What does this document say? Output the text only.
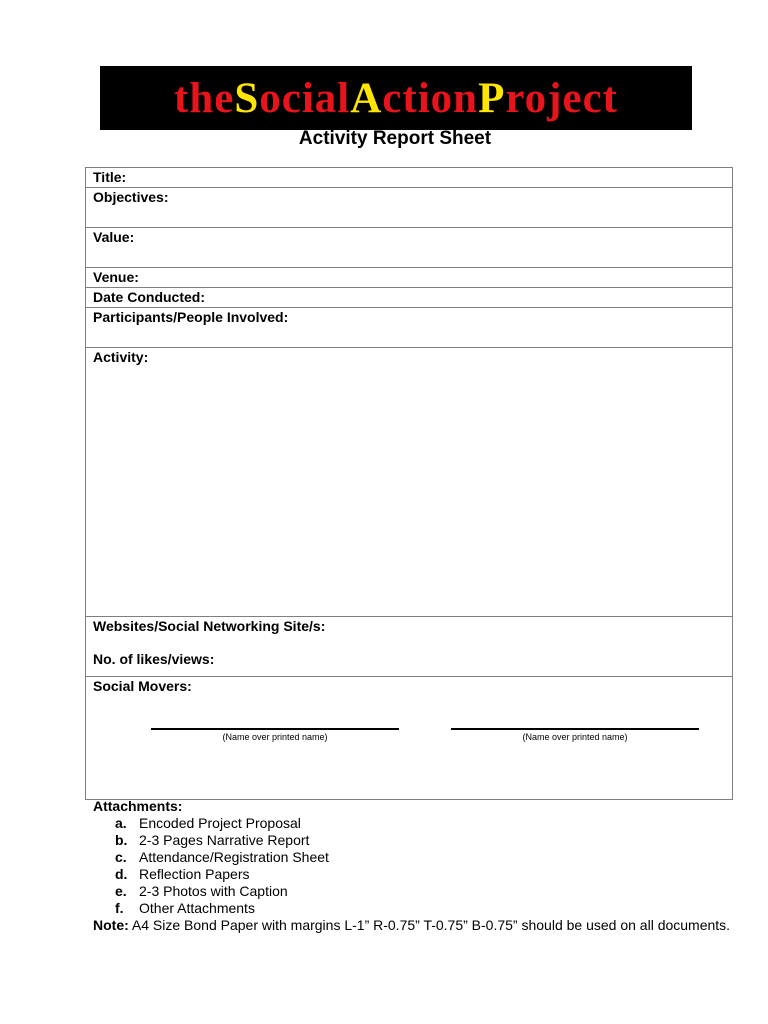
theSocialActionProject
Activity Report Sheet
Title:

Objectives:

Value:

Venue:

Date Conducted:

Participants/People Involved:

Activity:

Websites/Social Networking Site/s:
No. of likes/views:

Social Movers:
(Name over printed name)	(Name over printed name)
Attachments:
a. Encoded Project Proposal
b. 2-3 Pages Narrative Report
c. Attendance/Registration Sheet
d. Reflection Papers
e. 2-3 Photos with Caption
f. Other Attachments
Note: A4 Size Bond Paper with margins L-1” R-0.75” T-0.75” B-0.75” should be used on all documents.
